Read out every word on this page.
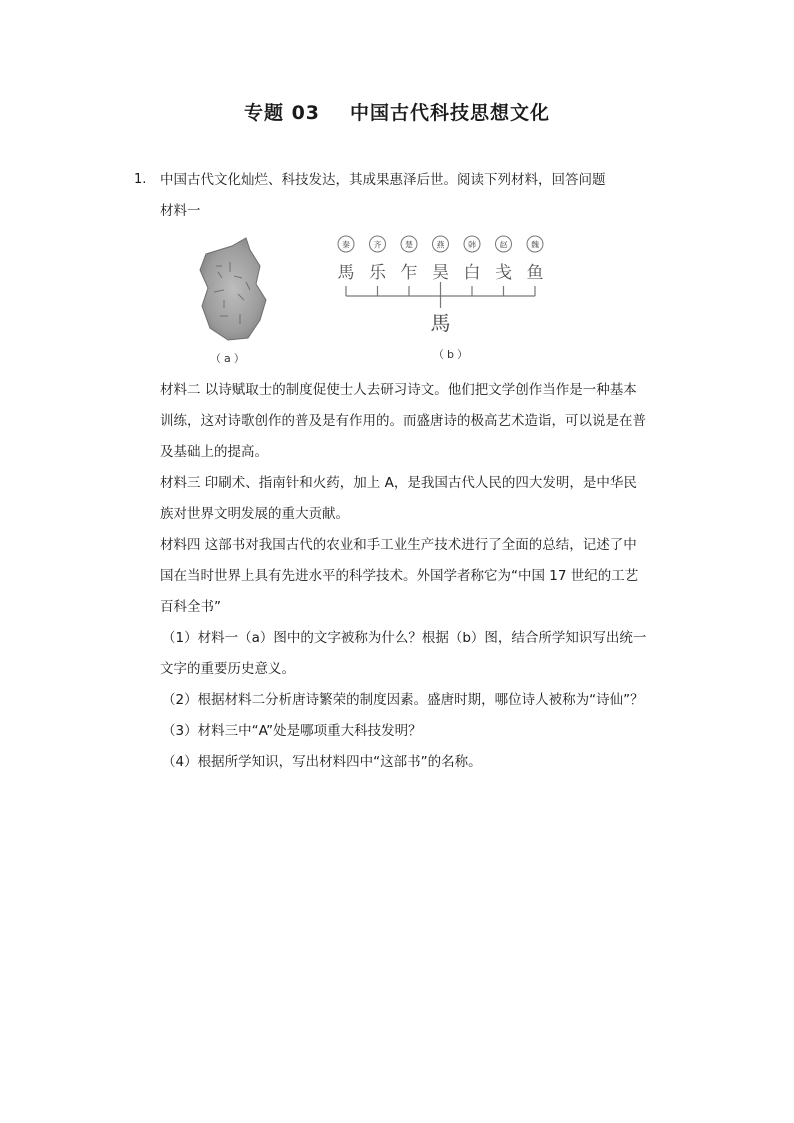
专题 03 中国古代科技思想文化
1. 中国古代文化灿烂、科技发达，其成果惠泽后世。阅读下列材料，回答问题
材料一
（a）
秦	齐	楚	燕	韩	赵	魏
馬 乐 乍 昊 白 戋 鱼
馬
（b）
材料二 以诗赋取士的制度促使士人去研习诗文。他们把文学创作当作是一种基本
训练，这对诗歌创作的普及是有作用的。而盛唐诗的极高艺术造诣，可以说是在普
及基础上的提高。
材料三 印刷术、指南针和火药，加上 A，是我国古代人民的四大发明，是中华民
族对世界文明发展的重大贡献。
材料四 这部书对我国古代的农业和手工业生产技术进行了全面的总结，记述了中
国在当时世界上具有先进水平的科学技术。外国学者称它为“中国 17 世纪的工艺
百科全书”
（1）材料一（a）图中的文字被称为什么？根据（b）图，结合所学知识写出统一
文字的重要历史意义。
（2）根据材料二分析唐诗繁荣的制度因素。盛唐时期，哪位诗人被称为“诗仙”？
（3）材料三中“A”处是哪项重大科技发明？
（4）根据所学知识，写出材料四中“这部书”的名称。
